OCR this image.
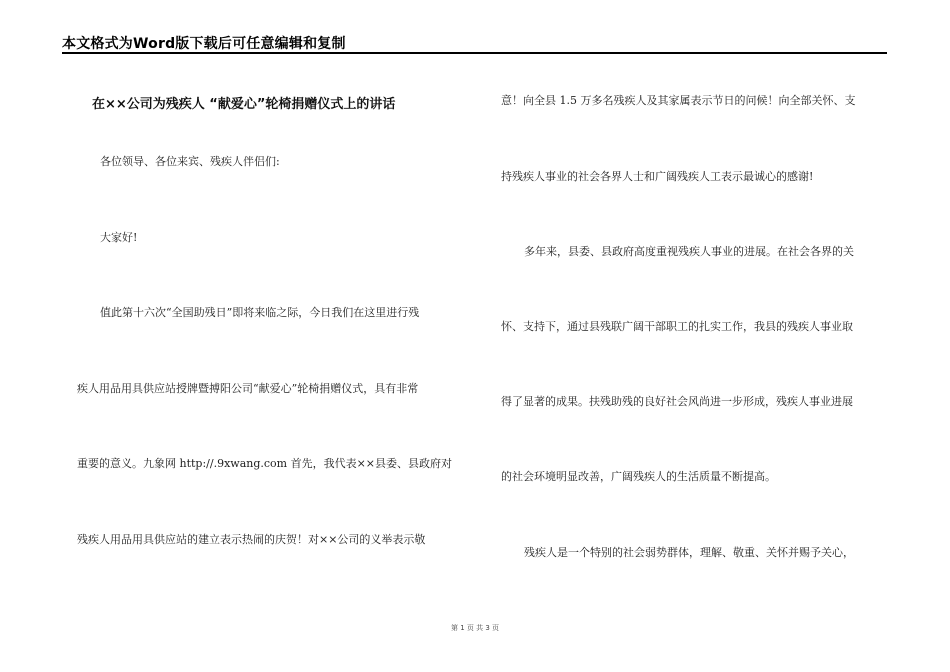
本文格式为Word版下载后可任意编辑和复制
在××公司为残疾人 “献爱心”轮椅捐赠仪式上的讲话
各位领导、各位来宾、残疾人伴侣们:
大家好!
值此第十六次“全国助残日”即将来临之际，今日我们在这里进行残
疾人用品用具供应站授牌暨搏阳公司“献爱心”轮椅捐赠仪式，具有非常
重要的意义。九象网 http://.9xwang.com 首先，我代表××县委、县政府对
残疾人用品用具供应站的建立表示热闹的庆贺！对××公司的义举表示敬
意！向全县 1.5 万多名残疾人及其家属表示节日的问候！向全部关怀、支
持残疾人事业的社会各界人士和广阔残疾人工表示最诚心的感谢!
多年来，县委、县政府高度重视残疾人事业的进展。在社会各界的关
怀、支持下，通过县残联广阔干部职工的扎实工作，我县的残疾人事业取
得了显著的成果。扶残助残的良好社会风尚进一步形成，残疾人事业进展
的社会环境明显改善，广阔残疾人的生活质量不断提高。
残疾人是一个特别的社会弱势群体，理解、敬重、关怀并赐予关心，
第 1 页 共 3 页
